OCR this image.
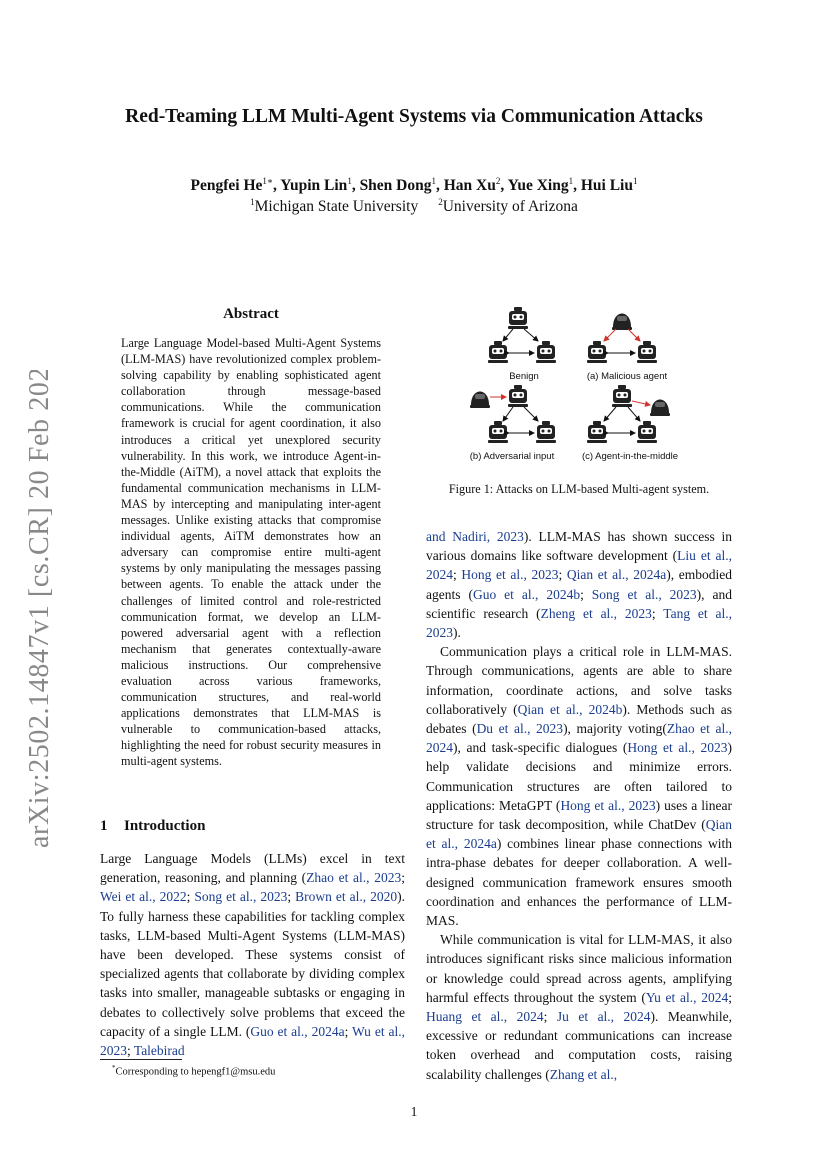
arXiv:2502.14847v1 [cs.CR] 20 Feb 2025
Red-Teaming LLM Multi-Agent Systems via Communication Attacks
Pengfei $He^{1∗}$, Yupin Lin$^1$, Shen Dong$^1$, Han Xu$^2$, Yue Xing$^1$, Hui Liu$^1$
$^1$Michigan State University $^2$University of Arizona
Abstract
Large Language Model-based Multi-Agent Systems (LLM-MAS) have revolutionized complex problem-solving capability by enabling sophisticated agent collaboration through message-based communications. While the communication framework is crucial for agent coordination, it also introduces a critical yet unexplored security vulnerability. In this work, we introduce Agent-in-the-Middle (AiTM), a novel attack that exploits the fundamental communication mechanisms in LLM-MAS by intercepting and manipulating inter-agent messages. Unlike existing attacks that compromise individual agents, AiTM demonstrates how an adversary can compromise entire multi-agent systems by only manipulating the messages passing between agents. To enable the attack under the challenges of limited control and role-restricted communication format, we develop an LLM-powered adversarial agent with a reflection mechanism that generates contextually-aware malicious instructions. Our comprehensive evaluation across various frameworks, communication structures, and real-world applications demonstrates that LLM-MAS is vulnerable to communication-based attacks, highlighting the need for robust security measures in multi-agent systems.
1 Introduction

Large Language Models (LLMs) excel in text generation, reasoning, and planning (Zhao et al., 2023; Wei et al., 2022; Song et al., 2023; Brown et al., 2020). To fully harness these capabilities for tackling complex tasks, LLM-based Multi-Agent Systems (LLM-MAS) have been developed. These systems consist of specialized agents that collaborate by dividing complex tasks into smaller, manageable subtasks or engaging in debates to collectively solve problems that exceed the capacity of a single LLM. (Guo et al., 2024a; Wu et al., 2023; Talebirad

*Corresponding to hepengf1@msu.edu
Benign	(a) Malicious agent
(b) Adversarial input	(c) Agent-in-the-middle
Figure 1: Attacks on LLM-based Multi-agent system.

and Nadiri, 2023). LLM-MAS has shown success in various domains like software development (Liu et al., 2024; Hong et al., 2023; Qian et al., 2024a), embodied agents (Guo et al., 2024b; Song et al., 2023), and scientific research (Zheng et al., 2023; Tang et al., 2023).

Communication plays a critical role in LLM-MAS. Through communications, agents are able to share information, coordinate actions, and solve tasks collaboratively (Qian et al., 2024b). Methods such as debates (Du et al., 2023), majority voting(Zhao et al., 2024), and task-specific dialogues (Hong et al., 2023) help validate decisions and minimize errors. Communication structures are often tailored to applications: MetaGPT (Hong et al., 2023) uses a linear structure for task decomposition, while ChatDev (Qian et al., 2024a) combines linear phase connections with intra-phase debates for deeper collaboration. A well-designed communication framework ensures smooth coordination and enhances the performance of LLM-MAS.

While communication is vital for LLM-MAS, it also introduces significant risks since malicious information or knowledge could spread across agents, amplifying harmful effects throughout the system (Yu et al., 2024; Huang et al., 2024; Ju et al., 2024). Meanwhile, excessive or redundant communications can increase token overhead and computation costs, raising scalability challenges (Zhang et al.,

1
